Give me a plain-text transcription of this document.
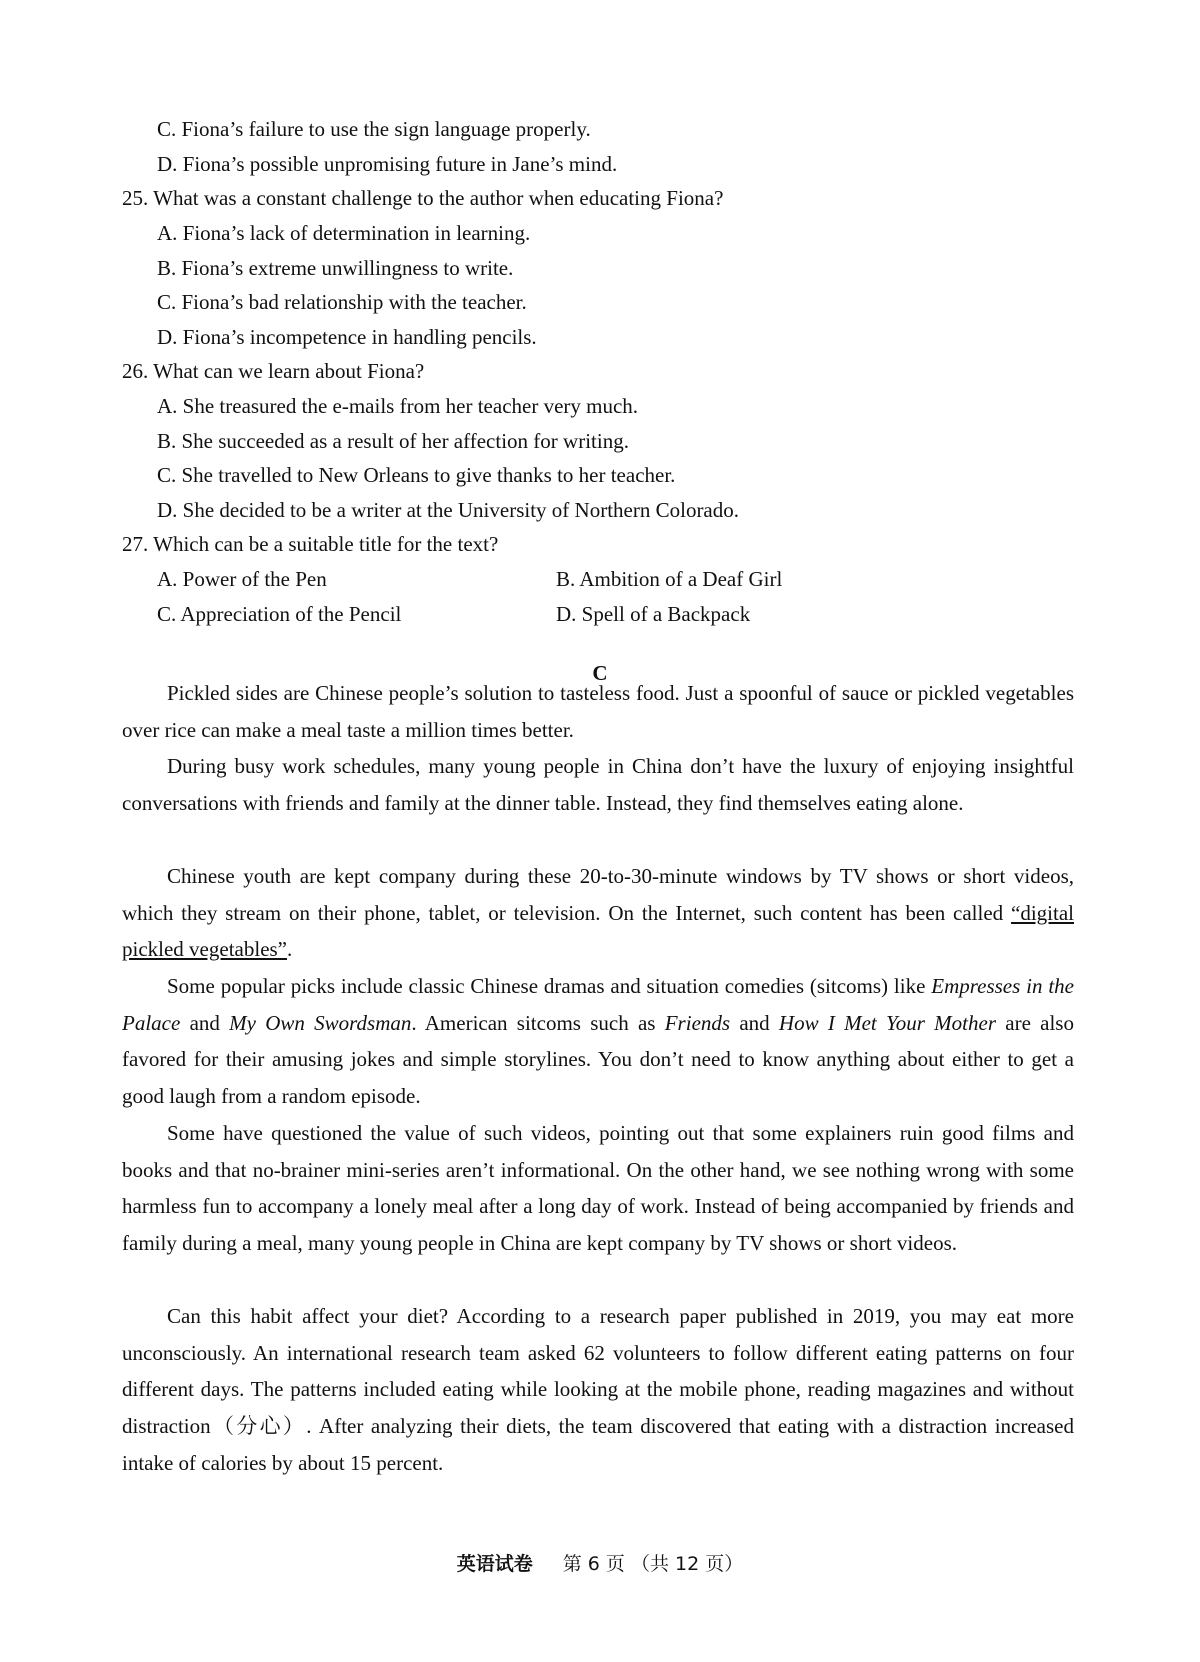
C. Fiona’s failure to use the sign language properly.
D. Fiona’s possible unpromising future in Jane’s mind.
25. What was a constant challenge to the author when educating Fiona?
A. Fiona’s lack of determination in learning.
B. Fiona’s extreme unwillingness to write.
C. Fiona’s bad relationship with the teacher.
D. Fiona’s incompetence in handling pencils.
26. What can we learn about Fiona?
A. She treasured the e-mails from her teacher very much.
B. She succeeded as a result of her affection for writing.
C. She travelled to New Orleans to give thanks to her teacher.
D. She decided to be a writer at the University of Northern Colorado.
27. Which can be a suitable title for the text?
A. Power of the Pen	B. Ambition of a Deaf Girl
C. Appreciation of the Pencil	D. Spell of a Backpack
C

Pickled sides are Chinese people’s solution to tasteless food. Just a spoonful of sauce or pickled vegetables over rice can make a meal taste a million times better.

During busy work schedules, many young people in China don’t have the luxury of enjoying insightful conversations with friends and family at the dinner table. Instead, they find themselves eating alone.

Chinese youth are kept company during these 20-to-30-minute windows by TV shows or short videos, which they stream on their phone, tablet, or television. On the Internet, such content has been called “digital pickled vegetables”.

Some popular picks include classic Chinese dramas and situation comedies (sitcoms) like Empresses in the Palace and My Own Swordsman. American sitcoms such as Friends and How I Met Your Mother are also favored for their amusing jokes and simple storylines. You don’t need to know anything about either to get a good laugh from a random episode.

Some have questioned the value of such videos, pointing out that some explainers ruin good films and books and that no-brainer mini-series aren’t informational. On the other hand, we see nothing wrong with some harmless fun to accompany a lonely meal after a long day of work. Instead of being accompanied by friends and family during a meal, many young people in China are kept company by TV shows or short videos.

Can this habit affect your diet? According to a research paper published in 2019, you may eat more unconsciously. An international research team asked 62 volunteers to follow different eating patterns on four different days. The patterns included eating while looking at the mobile phone, reading magazines and without distraction（分心）. After analyzing their diets, the team discovered that eating with a distraction increased intake of calories by about 15 percent.

英语试卷 第 6 页 （共 12 页）
